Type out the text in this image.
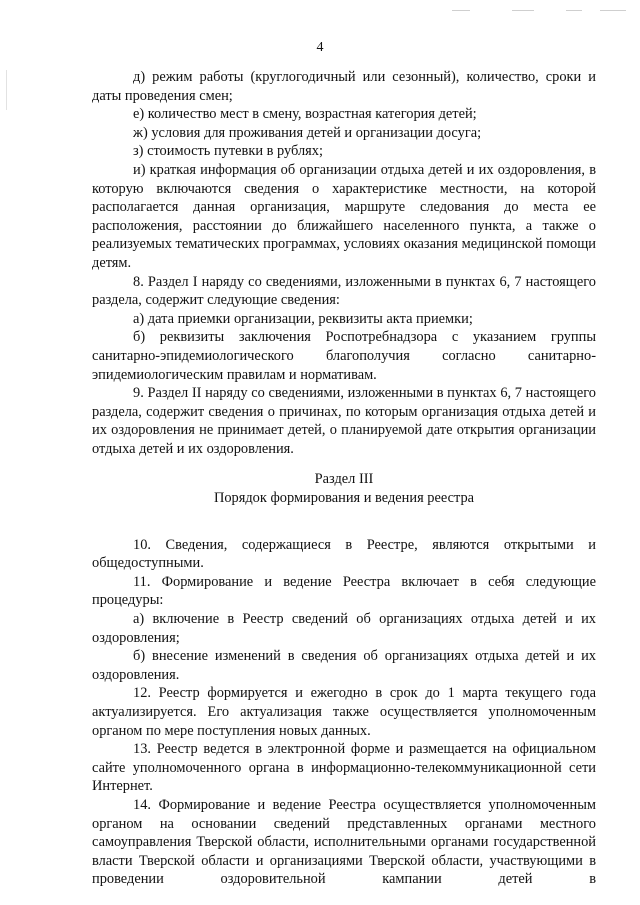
4

д) режим работы (круглогодичный или сезонный), количество, сроки и даты проведения смен;

е) количество мест в смену, возрастная категория детей;

ж) условия для проживания детей и организации досуга;

з) стоимость путевки в рублях;

и) краткая информация об организации отдыха детей и их оздоровления, в которую включаются сведения о характеристике местности, на которой располагается данная организация, маршруте следования до места ее расположения, расстоянии до ближайшего населенного пункта, а также о реализуемых тематических программах, условиях оказания медицинской помощи детям.

8. Раздел I наряду со сведениями, изложенными в пунктах 6, 7 настоящего раздела, содержит следующие сведения:

а) дата приемки организации, реквизиты акта приемки;

б) реквизиты заключения Роспотребнадзора с указанием группы санитарно-эпидемиологического благополучия согласно санитарно-эпидемиологическим правилам и нормативам.

9. Раздел II наряду со сведениями, изложенными в пунктах 6, 7 настоящего раздела, содержит сведения о причинах, по которым организация отдыха детей и их оздоровления не принимает детей, о планируемой дате открытия организации отдыха детей и их оздоровления.

Раздел III

Порядок формирования и ведения реестра

10. Сведения, содержащиеся в Реестре, являются открытыми и общедоступными.

11. Формирование и ведение Реестра включает в себя следующие процедуры:

а) включение в Реестр сведений об организациях отдыха детей и их оздоровления;

б) внесение изменений в сведения об организациях отдыха детей и их оздоровления.

12. Реестр формируется и ежегодно в срок до 1 марта текущего года актуализируется. Его актуализация также осуществляется уполномоченным органом по мере поступления новых данных.

13. Реестр ведется в электронной форме и размещается на официальном сайте уполномоченного органа в информационно-телекоммуникационной сети Интернет.

14. Формирование и ведение Реестра осуществляется уполномоченным органом на основании сведений представленных органами местного самоуправления Тверской области, исполнительными органами государственной власти Тверской области и организациями Тверской области, участвующими в проведении оздоровительной кампании детей в
